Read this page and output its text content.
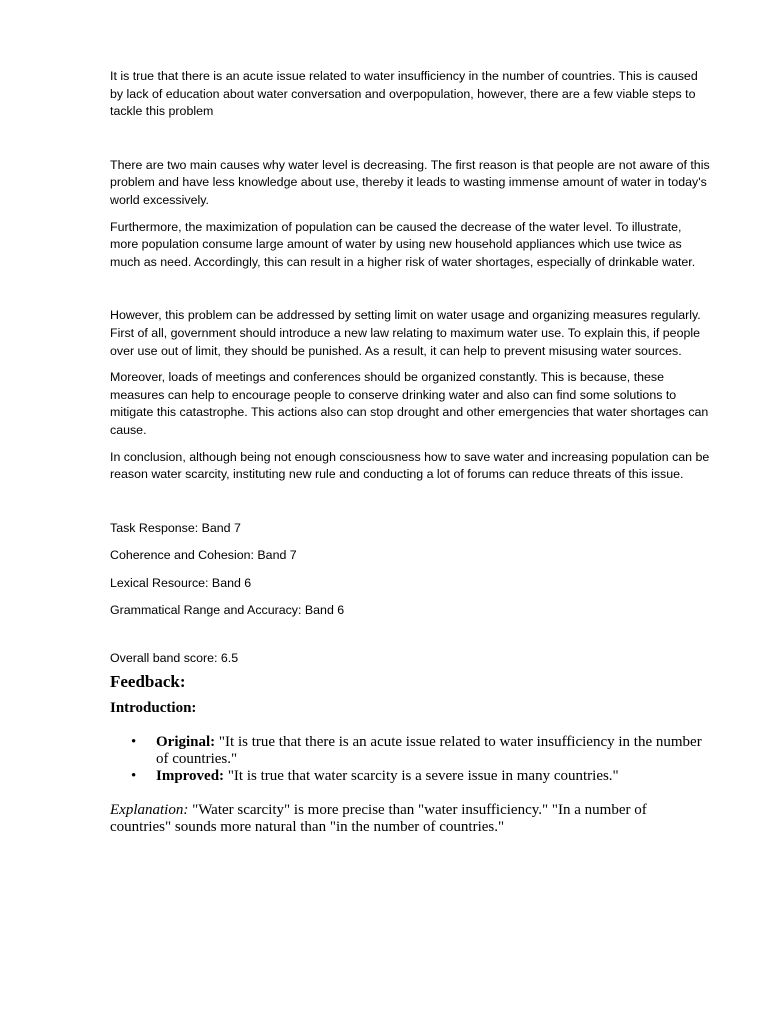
It is true that there is an acute issue related to water insufficiency in the number of countries. This is caused by lack of education about water conversation and overpopulation, however, there are a few viable steps to tackle this problem

There are two main causes why water level is decreasing. The first reason is that people are not aware of this problem and have less knowledge about use, thereby it leads to wasting immense amount of water in today's world excessively.

Furthermore, the maximization of population can be caused the decrease of the water level. To illustrate, more population consume large amount of water by using new household appliances which use twice as much as need. Accordingly, this can result in a higher risk of water shortages, especially of drinkable water.

However, this problem can be addressed by setting limit on water usage and organizing measures regularly. First of all, government should introduce a new law relating to maximum water use. To explain this, if people over use out of limit, they should be punished. As a result, it can help to prevent misusing water sources.

Moreover, loads of meetings and conferences should be organized constantly. This is because, these measures can help to encourage people to conserve drinking water and also can find some solutions to mitigate this catastrophe. This actions also can stop drought and other emergencies that water shortages can cause.

In conclusion, although being not enough consciousness how to save water and increasing population can be reason water scarcity, instituting new rule and conducting a lot of forums can reduce threats of this issue.

Task Response: Band 7

Coherence and Cohesion: Band 7

Lexical Resource: Band 6

Grammatical Range and Accuracy: Band 6

Overall band score: 6.5

Feedback:

Introduction:

• Original: "It is true that there is an acute issue related to water insufficiency in the number of countries."
• Improved: "It is true that water scarcity is a severe issue in many countries."

Explanation: "Water scarcity" is more precise than "water insufficiency." "In a number of countries" sounds more natural than "in the number of countries."
